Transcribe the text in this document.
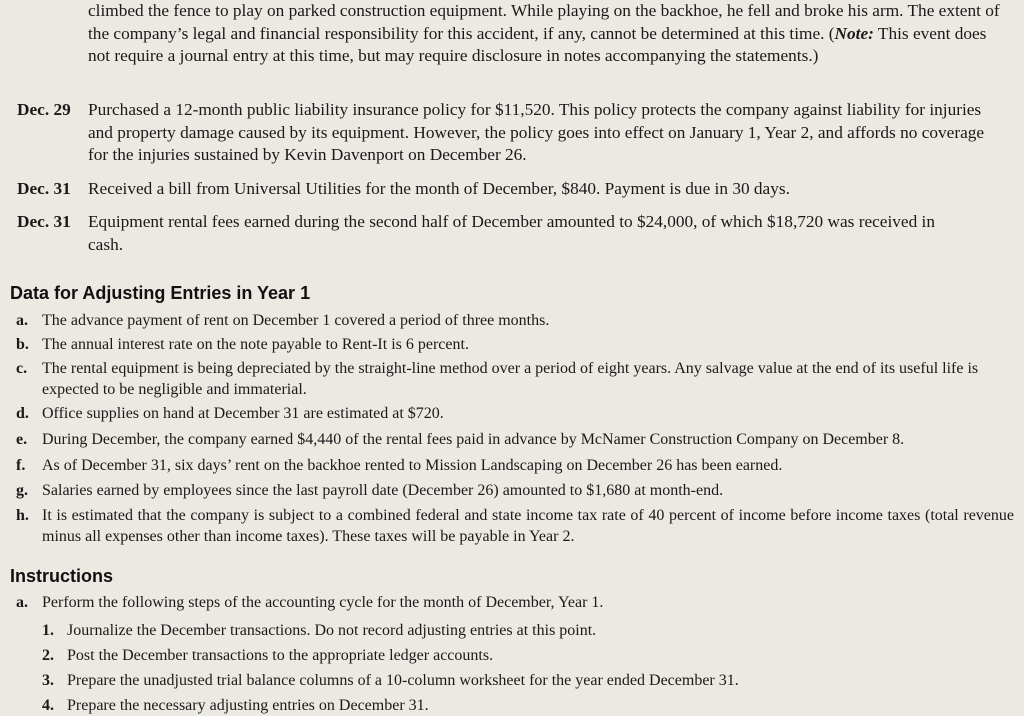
climbed the fence to play on parked construction equipment. While playing on the backhoe, he fell and broke his arm. The extent of the company’s legal and financial responsibility for this accident, if any, cannot be determined at this time. (Note: This event does not require a journal entry at this time, but may require disclosure in notes accompanying the statements.)
Dec. 29 Purchased a 12-month public liability insurance policy for $11,520. This policy protects the company against liability for injuries and property damage caused by its equipment. However, the policy goes into effect on January 1, Year 2, and affords no coverage for the injuries sustained by Kevin Davenport on December 26.
Dec. 31 Received a bill from Universal Utilities for the month of December, $840. Payment is due in 30 days.
Dec. 31 Equipment rental fees earned during the second half of December amounted to $24,000, of which $18,720 was received in cash.
Data for Adjusting Entries in Year 1
a. The advance payment of rent on December 1 covered a period of three months.
b. The annual interest rate on the note payable to Rent-It is 6 percent.
c. The rental equipment is being depreciated by the straight-line method over a period of eight years. Any salvage value at the end of its useful life is expected to be negligible and immaterial.
d. Office supplies on hand at December 31 are estimated at $720.
e. During December, the company earned $4,440 of the rental fees paid in advance by McNamer Construction Company on December 8.
f. As of December 31, six days’ rent on the backhoe rented to Mission Landscaping on December 26 has been earned.
g. Salaries earned by employees since the last payroll date (December 26) amounted to $1,680 at month-end.
h. It is estimated that the company is subject to a combined federal and state income tax rate of 40 percent of income before income taxes (total revenue minus all expenses other than income taxes). These taxes will be payable in Year 2.
Instructions
a. Perform the following steps of the accounting cycle for the month of December, Year 1.
1. Journalize the December transactions. Do not record adjusting entries at this point.
2. Post the December transactions to the appropriate ledger accounts.
3. Prepare the unadjusted trial balance columns of a 10-column worksheet for the year ended December 31.
4. Prepare the necessary adjusting entries on December 31.
